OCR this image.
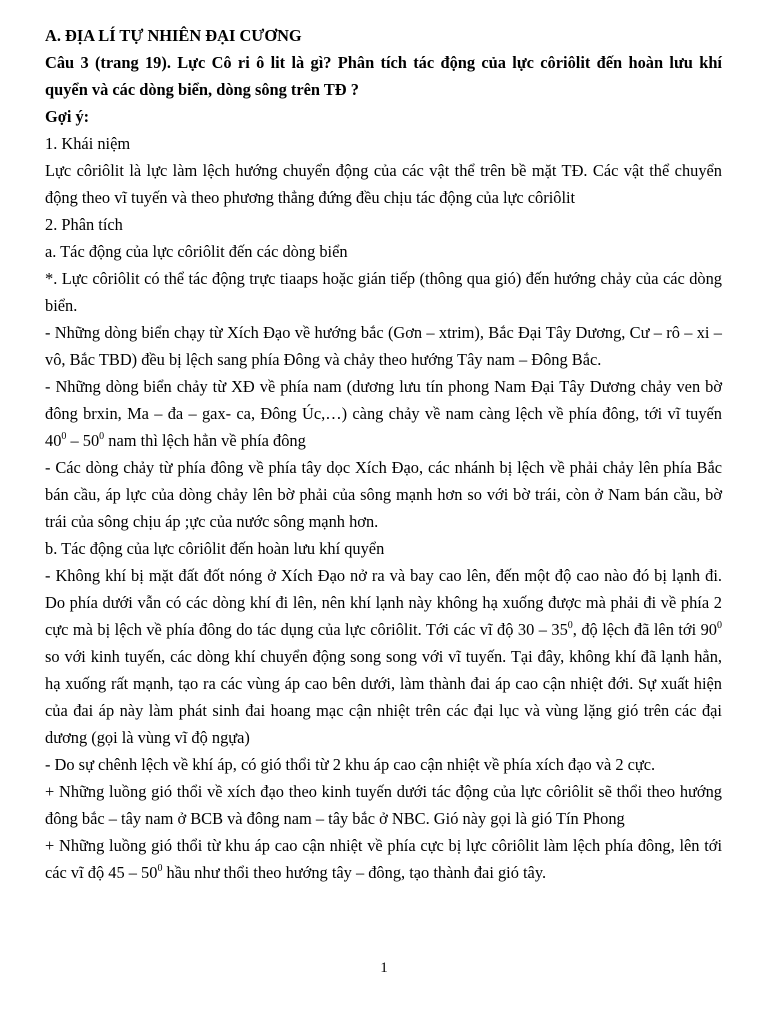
A. ĐỊA LÍ TỰ NHIÊN ĐẠI CƯƠNG

Câu 3 (trang 19). Lực Cô ri ô lit là gì? Phân tích tác động của lực côriôlit đến hoàn lưu khí quyển và các dòng biển, dòng sông trên TĐ ?

Gợi ý:

1. Khái niệm

Lực côriôlit là lực làm lệch hướng chuyển động của các vật thể trên bề mặt TĐ. Các vật thể chuyển động theo vĩ tuyến và theo phương thẳng đứng đều chịu tác động của lực côriôlit

2. Phân tích

a. Tác động của lực côriôlit đến các dòng biển

*. Lực côriôlit có thể tác động trực tiaaps hoặc gián tiếp (thông qua gió) đến hướng chảy của các dòng biển.

- Những dòng biển chạy từ Xích Đạo về hướng bắc (Gơn – xtrim), Bắc Đại Tây Dương, Cư – rô – xi – vô, Bắc TBD) đều bị lệch sang phía Đông và chảy theo hướng Tây nam – Đông Bắc.

- Những dòng biển chảy từ XĐ về phía nam (dương lưu tín phong Nam Đại Tây Dương chảy ven bờ đông brxin, Ma – đa – gax- ca, Đông Úc,…) càng chảy về nam càng lệch về phía đông, tới vĩ tuyến $40^0 - 50^0$ nam thì lệch hẳn về phía đông

- Các dòng chảy từ phía đông về phía tây dọc Xích Đạo, các nhánh bị lệch về phải chảy lên phía Bắc bán cầu, áp lực của dòng chảy lên bờ phải của sông mạnh hơn so với bờ trái, còn ở Nam bán cầu, bờ trái của sông chịu áp ;ực của nước sông mạnh hơn.

b. Tác động của lực côriôlit đến hoàn lưu khí quyển

- Không khí bị mặt đất đốt nóng ở Xích Đạo nở ra và bay cao lên, đến một độ cao nào đó bị lạnh đi. Do phía dưới vẫn có các dòng khí đi lên, nên khí lạnh này không hạ xuống được mà phải đi về phía 2 cực mà bị lệch về phía đông do tác dụng của lực côriôlit. Tới các vĩ độ $30 - 35^0$, độ lệch đã lên tới $90^0$ so với kinh tuyến, các dòng khí chuyển động song song với vĩ tuyến. Tại đây, không khí đã lạnh hẳn, hạ xuống rất mạnh, tạo ra các vùng áp cao bên dưới, làm thành đai áp cao cận nhiệt đới. Sự xuất hiện của đai áp này làm phát sinh đai hoang mạc cận nhiệt trên các đại lục và vùng lặng gió trên các đại dương (gọi là vùng vĩ độ ngựa)

- Do sự chênh lệch về khí áp, có gió thổi từ 2 khu áp cao cận nhiệt về phía xích đạo và 2 cực.

+ Những luồng gió thổi về xích đạo theo kinh tuyến dưới tác động của lực côriôlit sẽ thổi theo hướng đông bắc – tây nam ở BCB và đông nam – tây bắc ở NBC. Gió này gọi là gió Tín Phong

+ Những luồng gió thổi từ khu áp cao cận nhiệt về phía cực bị lực côriôlit làm lệch phía đông, lên tới các vĩ độ $45 - 50^0$ hầu như thổi theo hướng tây – đông, tạo thành đai gió tây.

1
